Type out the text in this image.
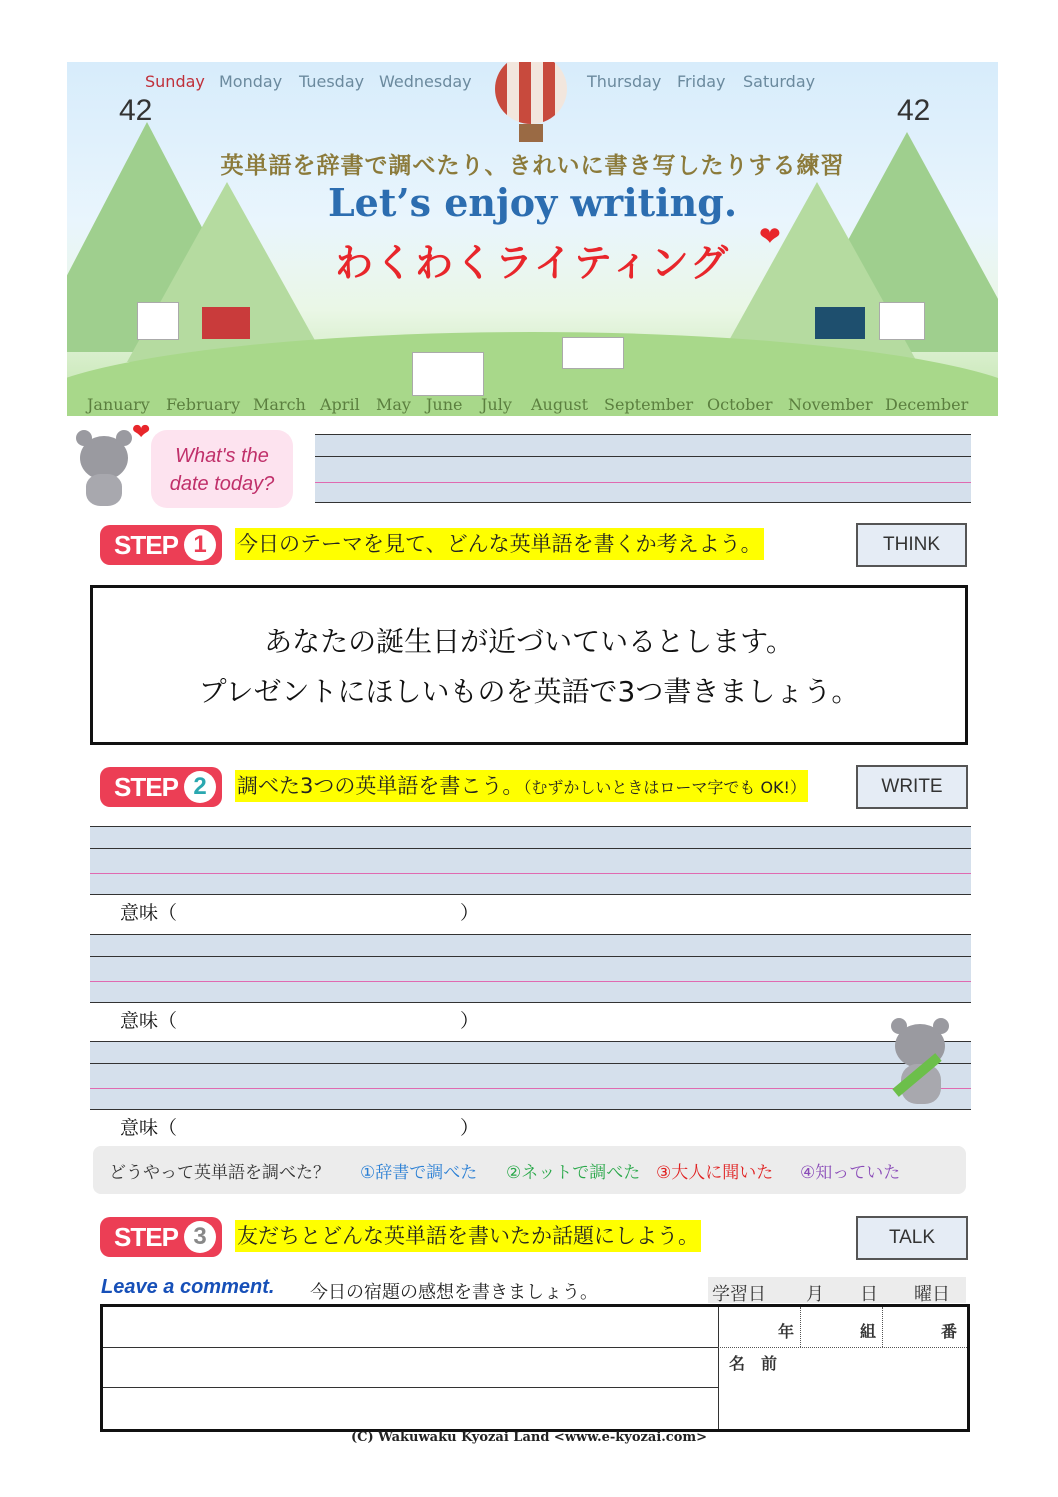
❤
Sunday Monday Tuesday Wednesday	Thursday Friday Saturday
42	42
英単語を辞書で調べたり、きれいに書き写したりする練習
Let’s enjoy writing.
わくわくライティング
January February March April May June July August September October November December
❤
What's the
date today?
STEP 1	今日のテーマを見て、どんな英単語を書くか考えよう。	THINK
あなたの誕生日が近づいているとします。
プレゼントにほしいものを英語で3つ書きましょう。
STEP 2	調べた3つの英単語を書こう。（むずかしいときはローマ字でも OK!）	WRITE
意味（	）
意味（	）
意味（	）
どうやって英単語を調べた？ ①辞書で調べた ②ネットで調べた ③大人に聞いた ④知っていた
STEP 3	友だちとどんな英単語を書いたか話題にしよう。	TALK
Leave a comment. 今日の宿題の感想を書きましょう。	学習日 月 日 曜日
年	組	番
名　前
(C) Wakuwaku Kyozai Land <www.e-kyozai.com>
